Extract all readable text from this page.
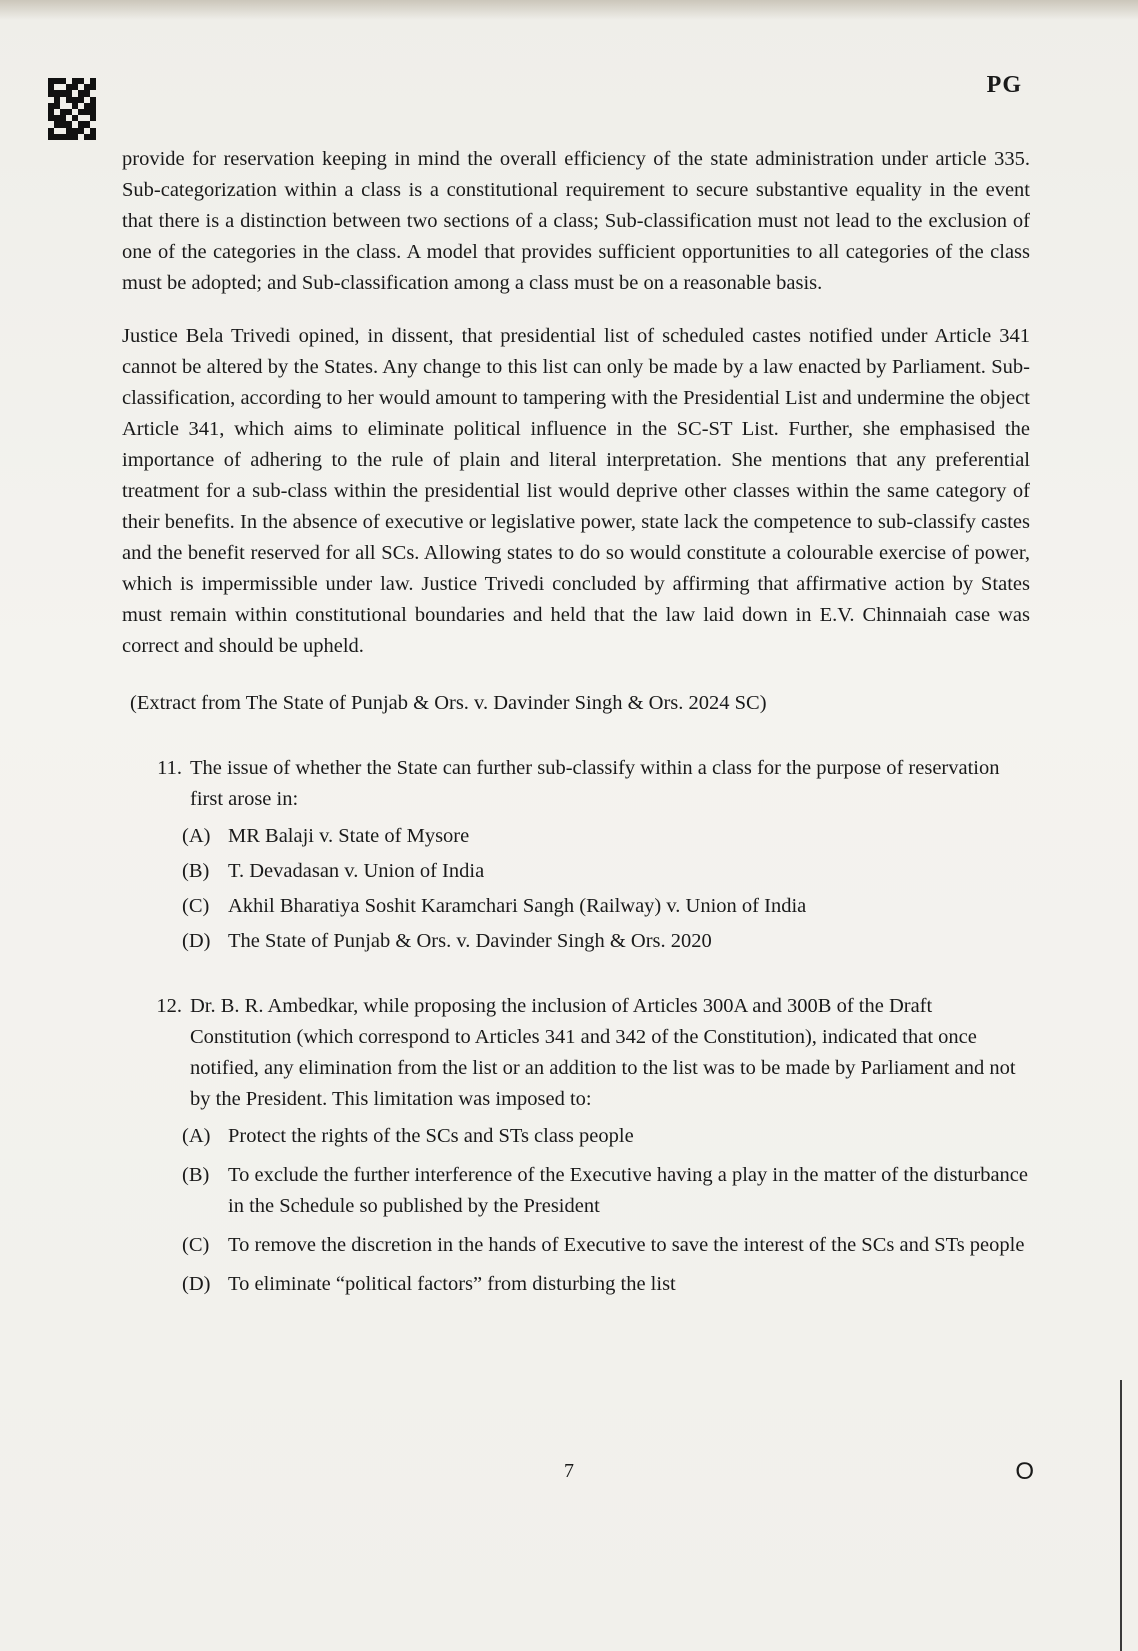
PG

provide for reservation keeping in mind the overall efficiency of the state administration under article 335. Sub-categorization within a class is a constitutional requirement to secure substantive equality in the event that there is a distinction between two sections of a class; Sub-classification must not lead to the exclusion of one of the categories in the class. A model that provides sufficient opportunities to all categories of the class must be adopted; and Sub-classification among a class must be on a reasonable basis.

Justice Bela Trivedi opined, in dissent, that presidential list of scheduled castes notified under Article 341 cannot be altered by the States. Any change to this list can only be made by a law enacted by Parliament. Sub-classification, according to her would amount to tampering with the Presidential List and undermine the object Article 341, which aims to eliminate political influence in the SC-ST List. Further, she emphasised the importance of adhering to the rule of plain and literal interpretation. She mentions that any preferential treatment for a sub-class within the presidential list would deprive other classes within the same category of their benefits. In the absence of executive or legislative power, state lack the competence to sub-classify castes and the benefit reserved for all SCs. Allowing states to do so would constitute a colourable exercise of power, which is impermissible under law. Justice Trivedi concluded by affirming that affirmative action by States must remain within constitutional boundaries and held that the law laid down in E.V. Chinnaiah case was correct and should be upheld.

(Extract from The State of Punjab & Ors. v. Davinder Singh & Ors. 2024 SC)
11. The issue of whether the State can further sub-classify within a class for the purpose of reservation first arose in:
(A) MR Balaji v. State of Mysore
(B) T. Devadasan v. Union of India
(C) Akhil Bharatiya Soshit Karamchari Sangh (Railway) v. Union of India
(D) The State of Punjab & Ors. v. Davinder Singh & Ors. 2020
12. Dr. B. R. Ambedkar, while proposing the inclusion of Articles 300A and 300B of the Draft Constitution (which correspond to Articles 341 and 342 of the Constitution), indicated that once notified, any elimination from the list or an addition to the list was to be made by Parliament and not by the President. This limitation was imposed to:
(A) Protect the rights of the SCs and STs class people
(B) To exclude the further interference of the Executive having a play in the matter of the disturbance in the Schedule so published by the President
(C) To remove the discretion in the hands of Executive to save the interest of the SCs and STs people
(D) To eliminate “political factors” from disturbing the list
7	O
